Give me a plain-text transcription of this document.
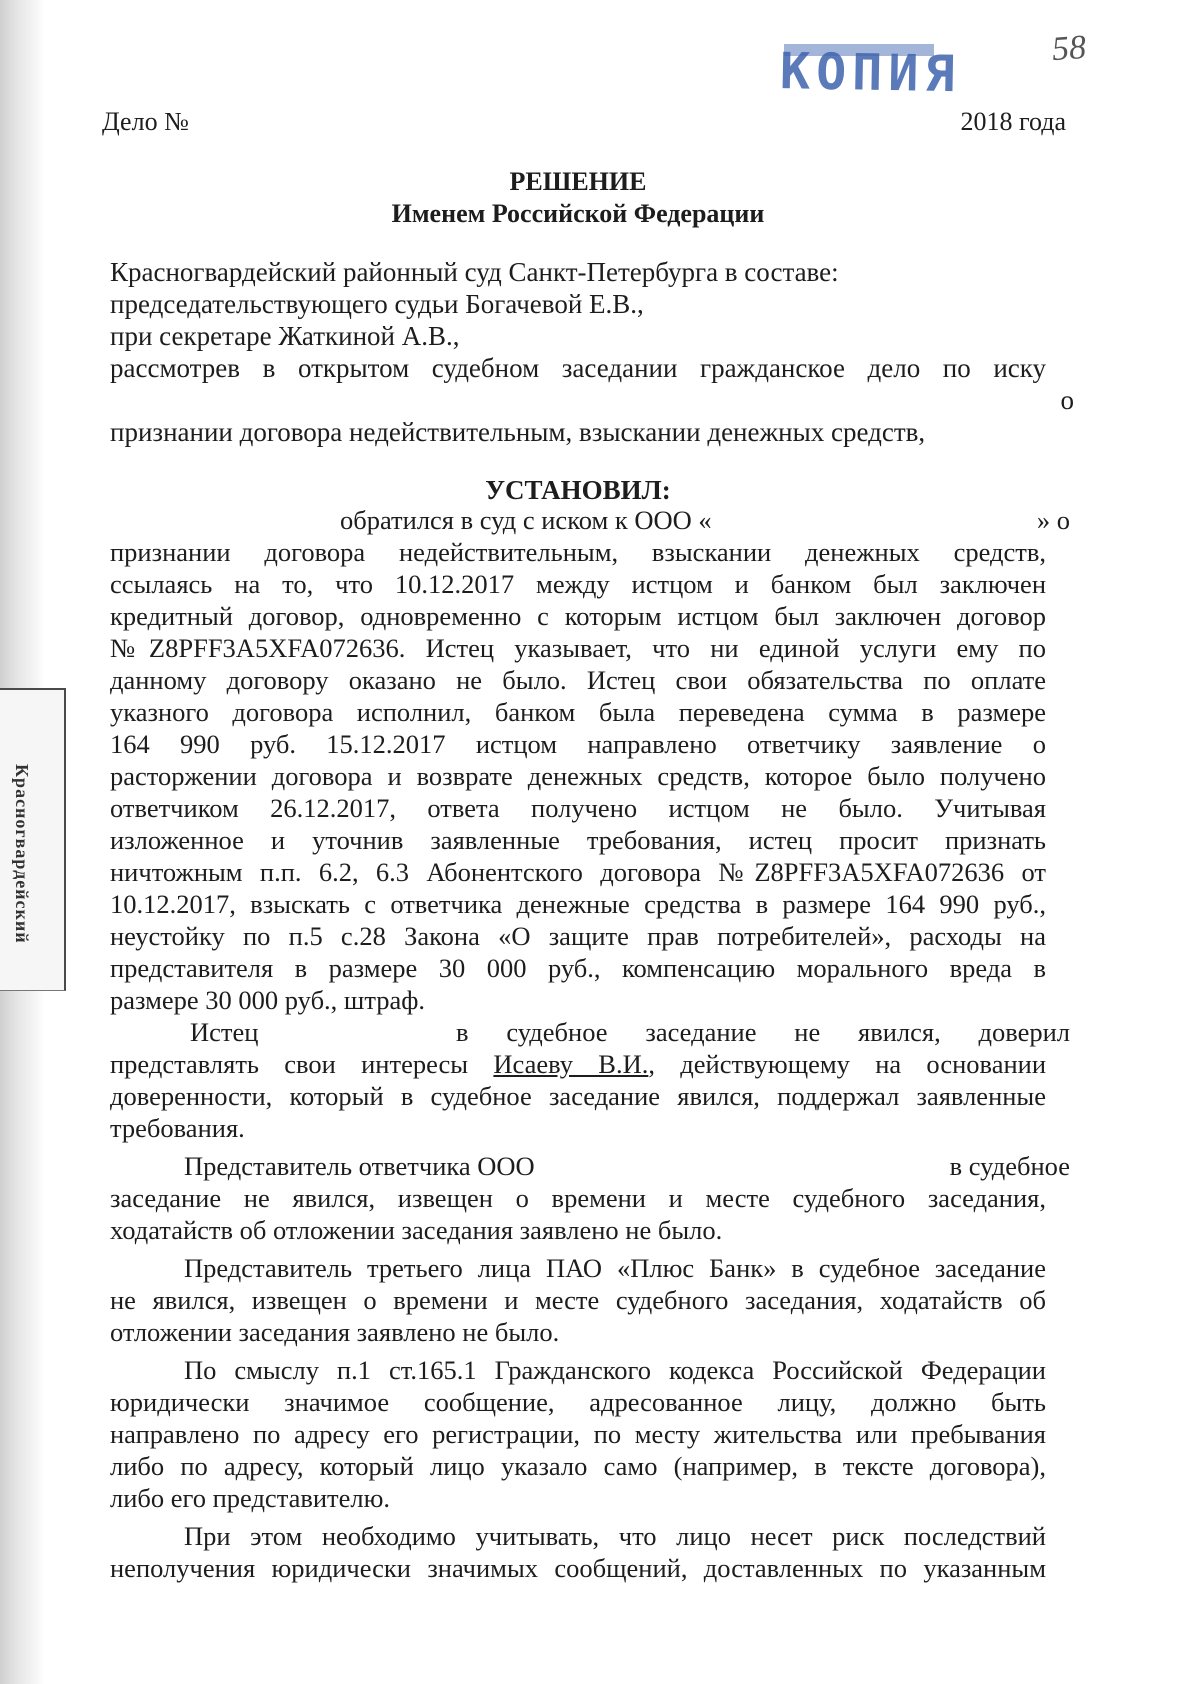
Красногвардейский
КОПИЯ	58
Дело №	2018 года
РЕШЕНИЕ
Именем Российской Федерации
Красногвардейский районный суд Санкт-Петербурга в составе:
председательствующего судьи Богачевой Е.В.,
при секретаре Жаткиной А.В.,
рассмотрев в открытом судебном заседании гражданское дело по иску
о
признании договора недействительным, взыскании денежных средств,
УСТАНОВИЛ:
обратился в суд с иском к ООО «	» о
признании договора недействительным, взыскании денежных средств,
ссылаясь на то, что 10.12.2017 между истцом и банком был заключен
кредитный договор, одновременно с которым истцом был заключен договор
№Z8PFF3A5XFA072636. Истец указывает, что ни единой услуги ему по
данному договору оказано не было. Истец свои обязательства по оплате
указного договора исполнил, банком была переведена сумма в размере
164 990 руб. 15.12.2017 истцом направлено ответчику заявление о
расторжении договора и возврате денежных средств, которое было получено
ответчиком 26.12.2017, ответа получено истцом не было. Учитывая
изложенное и уточнив заявленные требования, истец просит признать
ничтожным п.п. 6.2, 6.3 Абонентского договора №Z8PFF3A5XFA072636 от
10.12.2017, взыскать с ответчика денежные средства в размере 164 990 руб.,
неустойку по п.5 с.28 Закона «О защите прав потребителей», расходы на
представителя в размере 30 000 руб., компенсацию морального вреда в
размере 30 000 руб., штраф.
Истец	в судебное заседание не явился, доверил
представлять свои интересы Исаеву В.И., действующему на основании
доверенности, который в судебное заседание явился, поддержал заявленные
требования.
Представитель ответчика ООО	в судебное
заседание не явился, извещен о времени и месте судебного заседания,
ходатайств об отложении заседания заявлено не было.
Представитель третьего лица ПАО «Плюс Банк» в судебное заседание
не явился, извещен о времени и месте судебного заседания, ходатайств об
отложении заседания заявлено не было.
По смыслу п.1 ст.165.1 Гражданского кодекса Российской Федерации
юридически значимое сообщение, адресованное лицу, должно быть
направлено по адресу его регистрации, по месту жительства или пребывания
либо по адресу, который лицо указало само (например, в тексте договора),
либо его представителю.
При этом необходимо учитывать, что лицо несет риск последствий
неполучения юридически значимых сообщений, доставленных по указанным
